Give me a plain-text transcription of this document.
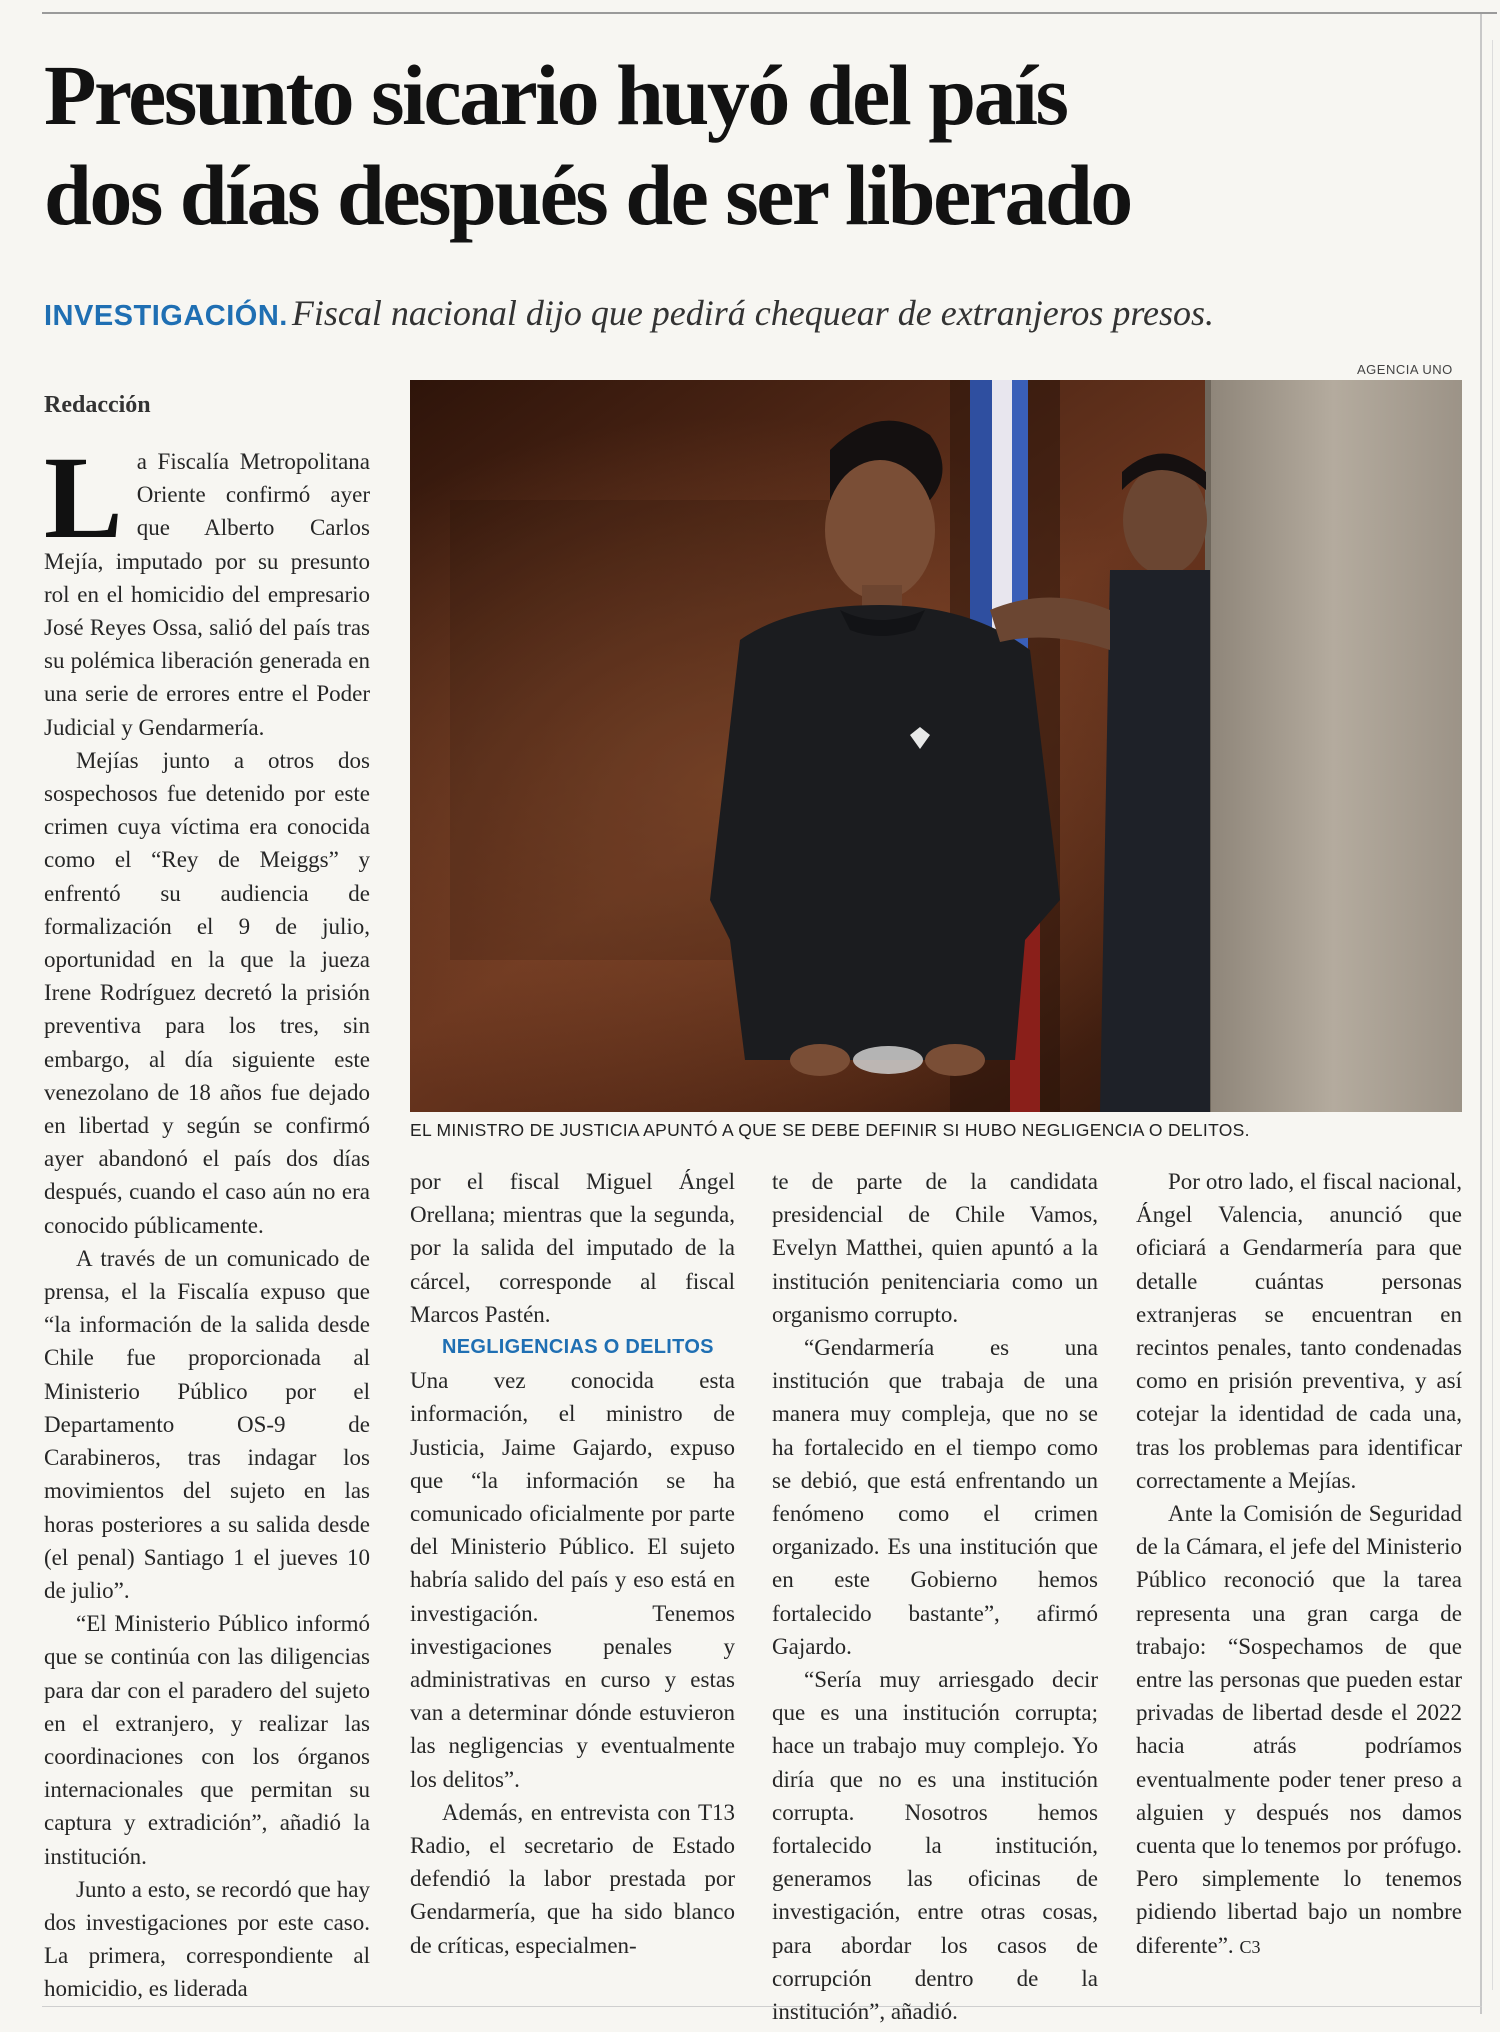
Presunto sicario huyó del país
dos días después de ser liberado
INVESTIGACIÓN. Fiscal nacional dijo que pedirá chequear de extranjeros presos.
Redacción
AGENCIA UNO
EL MINISTRO DE JUSTICIA APUNTÓ A QUE SE DEBE DEFINIR SI HUBO NEGLIGENCIA O DELITOS.
L a Fiscalía Metropolitana Oriente confirmó ayer que Alberto Carlos Mejía, imputado por su presunto rol en el homicidio del empresario José Reyes Ossa, salió del país tras su polémica liberación generada en una serie de errores entre el Poder Judicial y Gendarmería.

Mejías junto a otros dos sospechosos fue detenido por este crimen cuya víctima era conocida como el “Rey de Meiggs” y enfrentó su audiencia de formalización el 9 de julio, oportunidad en la que la jueza Irene Rodríguez decretó la prisión preventiva para los tres, sin embargo, al día siguiente este venezolano de 18 años fue dejado en libertad y según se confirmó ayer abandonó el país dos días después, cuando el caso aún no era conocido públicamente.

A través de un comunicado de prensa, el la Fiscalía expuso que “la información de la salida desde Chile fue proporcionada al Ministerio Público por el Departamento OS-9 de Carabineros, tras indagar los movimientos del sujeto en las horas posteriores a su salida desde (el penal) Santiago 1 el jueves 10 de julio”.

“El Ministerio Público informó que se continúa con las diligencias para dar con el paradero del sujeto en el extranjero, y realizar las coordinaciones con los órganos internacionales que permitan su captura y extradición”, añadió la institución.

Junto a esto, se recordó que hay dos investigaciones por este caso. La primera, correspondiente al homicidio, es liderada

por el fiscal Miguel Ángel Orellana; mientras que la segunda, por la salida del imputado de la cárcel, corresponde al fiscal Marcos Pastén.

NEGLIGENCIAS O DELITOS

Una vez conocida esta información, el ministro de Justicia, Jaime Gajardo, expuso que “la información se ha comunicado oficialmente por parte del Ministerio Público. El sujeto habría salido del país y eso está en investigación. Tenemos investigaciones penales y administrativas en curso y estas van a determinar dónde estuvieron las negligencias y eventualmente los delitos”.

Además, en entrevista con T13 Radio, el secretario de Estado defendió la labor prestada por Gendarmería, que ha sido blanco de críticas, especialmen-

te de parte de la candidata presidencial de Chile Vamos, Evelyn Matthei, quien apuntó a la institución penitenciaria como un organismo corrupto.

“Gendarmería es una institución que trabaja de una manera muy compleja, que no se ha fortalecido en el tiempo como se debió, que está enfrentando un fenómeno como el crimen organizado. Es una institución que en este Gobierno hemos fortalecido bastante”, afirmó Gajardo.

“Sería muy arriesgado decir que es una institución corrupta; hace un trabajo muy complejo. Yo diría que no es una institución corrupta. Nosotros hemos fortalecido la institución, generamos las oficinas de investigación, entre otras cosas, para abordar los casos de corrupción dentro de la institución”, añadió.

Por otro lado, el fiscal nacional, Ángel Valencia, anunció que oficiará a Gendarmería para que detalle cuántas personas extranjeras se encuentran en recintos penales, tanto condenadas como en prisión preventiva, y así cotejar la identidad de cada una, tras los problemas para identificar correctamente a Mejías.

Ante la Comisión de Seguridad de la Cámara, el jefe del Ministerio Público reconoció que la tarea representa una gran carga de trabajo: “Sospechamos de que entre las personas que pueden estar privadas de libertad desde el 2022 hacia atrás podríamos eventualmente poder tener preso a alguien y después nos damos cuenta que lo tenemos por prófugo. Pero simplemente lo tenemos pidiendo libertad bajo un nombre diferente”. C3
